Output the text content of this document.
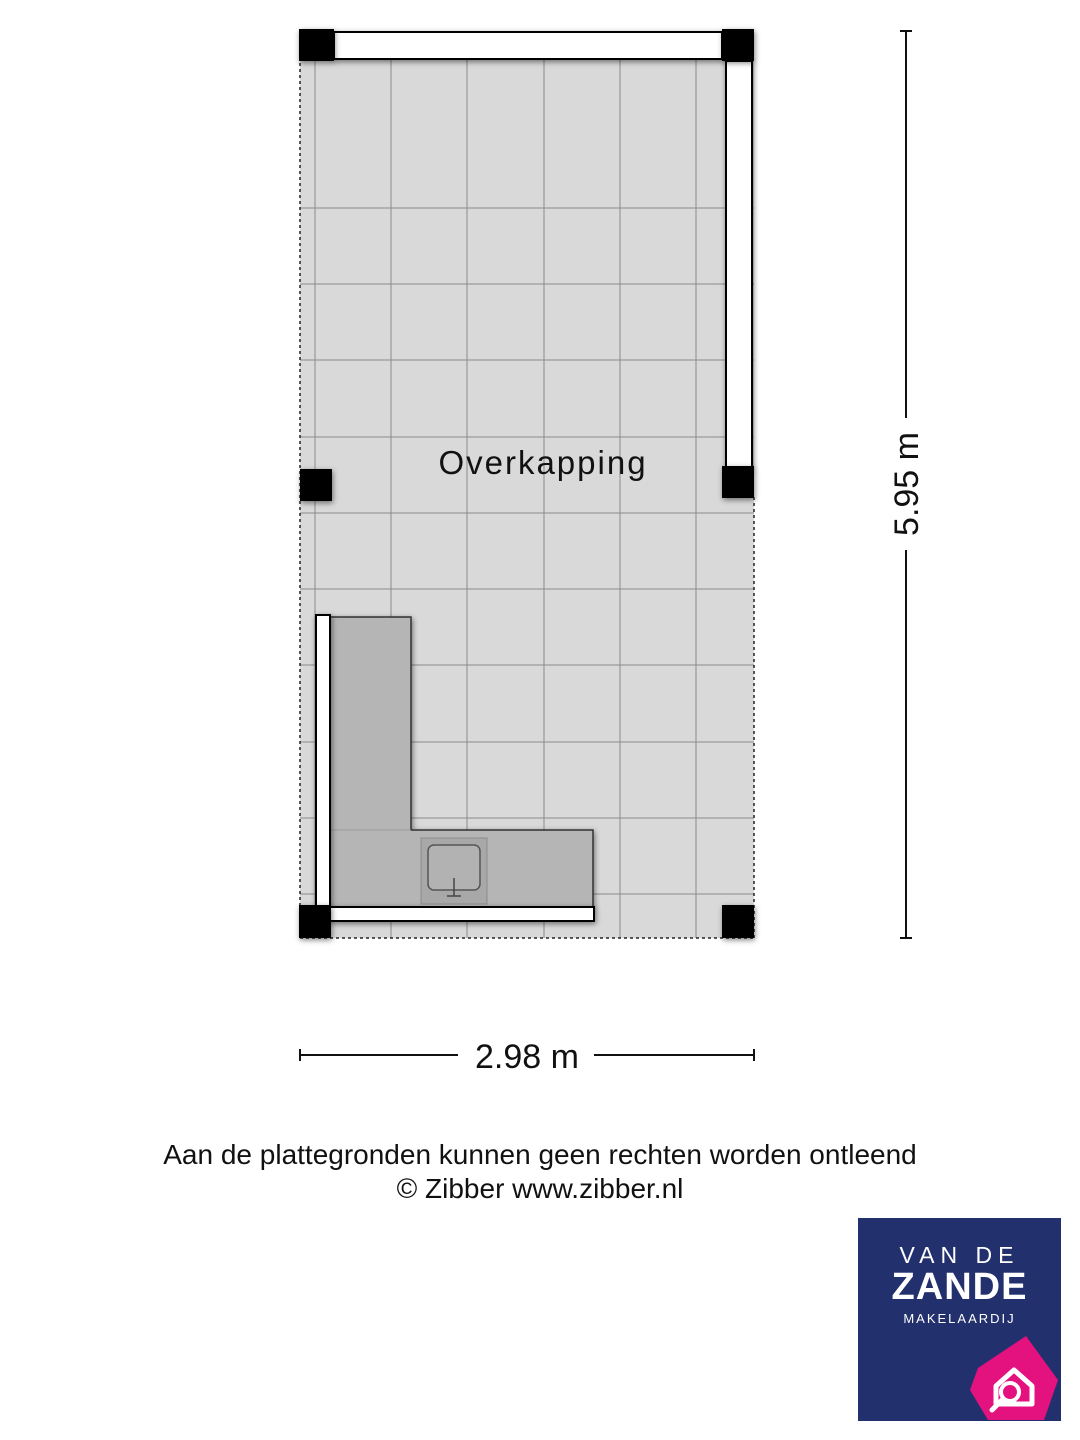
Overkapping	5.95 m
2.98 m
Aan de plattegronden kunnen geen rechten worden ontleend
© Zibber www.zibber.nl
VAN DE
ZANDE
MAKELAARDIJ
